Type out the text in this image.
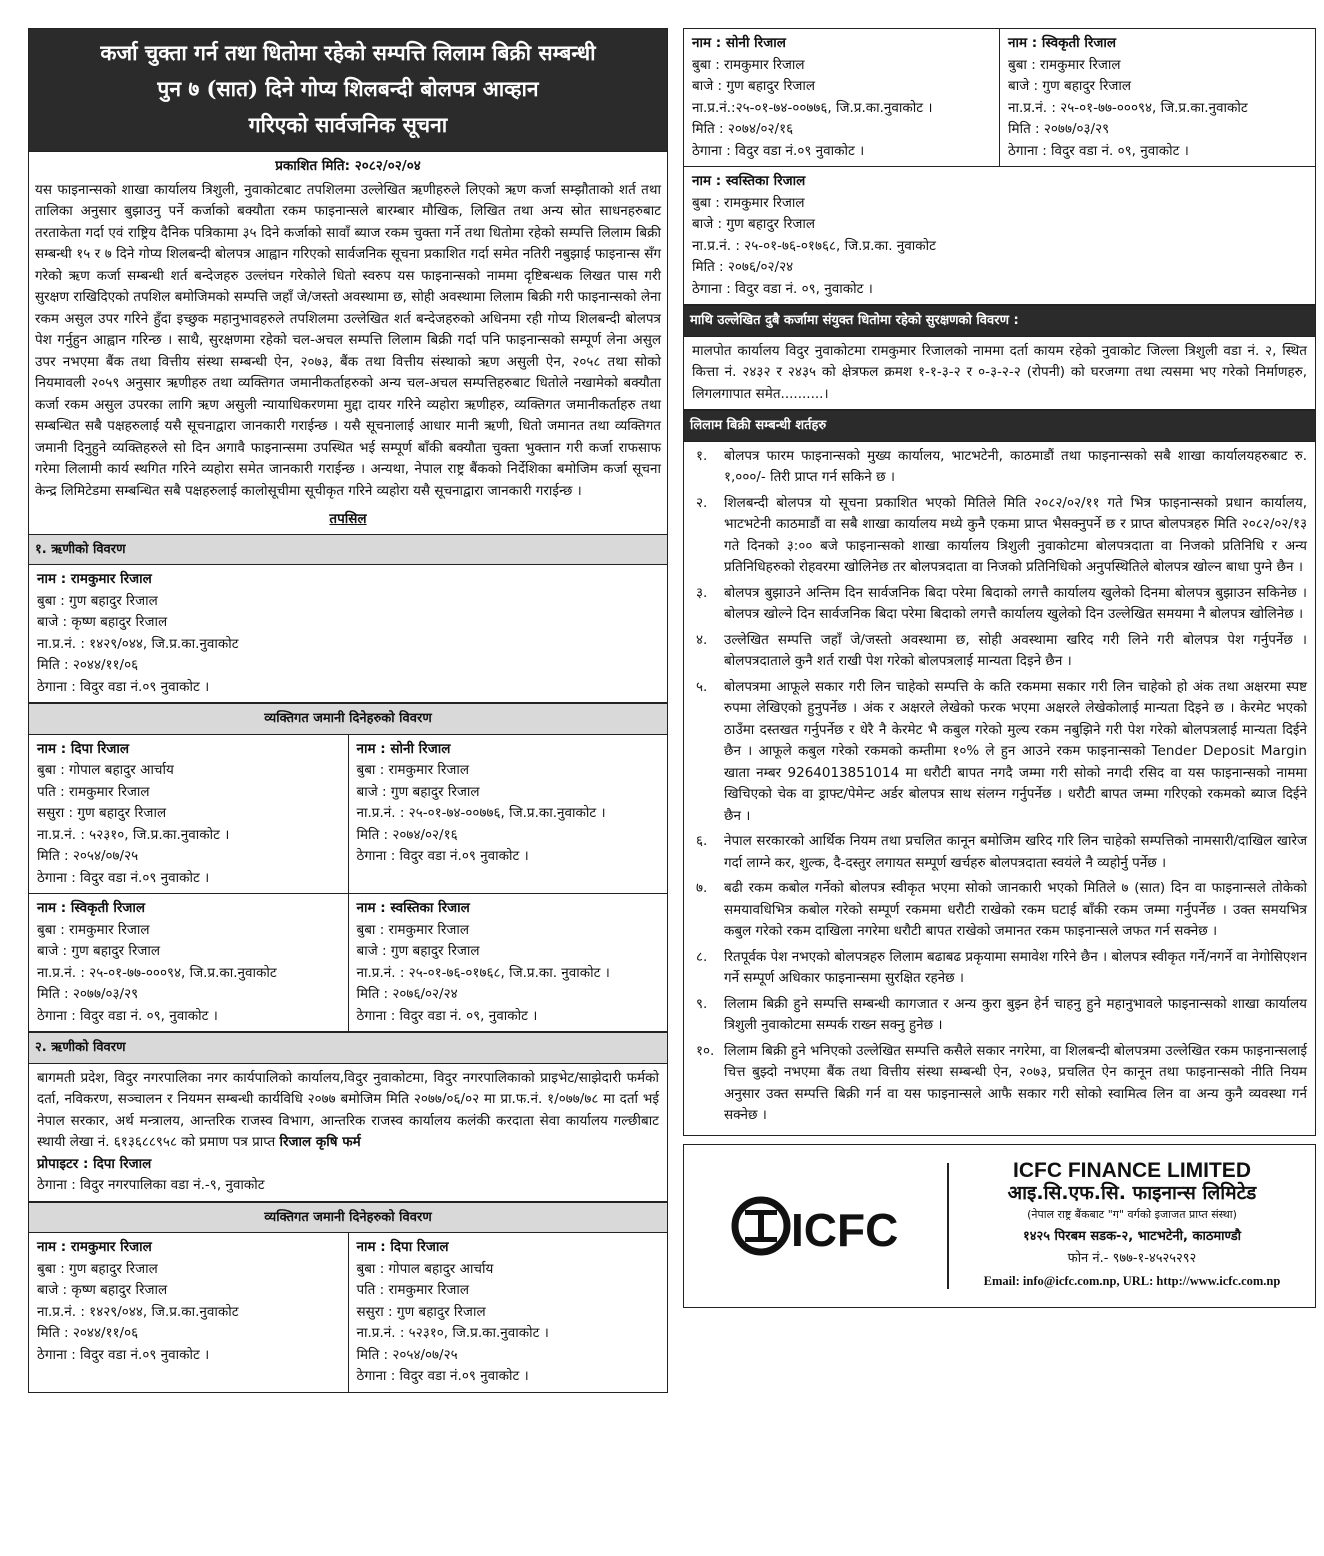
कर्जा चुक्ता गर्न तथा धितोमा रहेको सम्पत्ति लिलाम बिक्री सम्बन्धी
पुन ७ (सात) दिने गोप्य शिलबन्दी बोलपत्र आव्हान
गरिएको सार्वजनिक सूचना
प्रकाशित मिति: २०८२/०२/०४
यस फाइनान्सको शाखा कार्यालय त्रिशुली, नुवाकोटबाट तपशिलमा उल्लेखित ऋणीहरुले लिएको ऋण कर्जा सम्झौताको शर्त तथा तालिका अनुसार बुझाउनु पर्ने कर्जाको बक्यौता रकम फाइनान्सले बारम्बार मौखिक, लिखित तथा अन्य स्रोत साधनहरुबाट तरताकेता गर्दा एवं राष्ट्रिय दैनिक पत्रिकामा ३५ दिने कर्जाको सावाँ ब्याज रकम चुक्ता गर्ने तथा धितोमा रहेको सम्पत्ति लिलाम बिक्री सम्बन्धी १५ र ७ दिने गोप्य शिलबन्दी बोलपत्र आह्वान गरिएको सार्वजनिक सूचना प्रकाशित गर्दा समेत नतिरी नबुझाई फाइनान्स सँग गरेको ऋण कर्जा सम्बन्धी शर्त बन्देजहरु उल्लंघन गरेकोले धितो स्वरुप यस फाइनान्सको नाममा दृष्टिबन्धक लिखत पास गरी सुरक्षण राखिदिएको तपशिल बमोजिमको सम्पत्ति जहाँ जे/जस्तो अवस्थामा छ, सोही अवस्थामा लिलाम बिक्री गरी फाइनान्सको लेना रकम असुल उपर गरिने हुँदा इच्छुक महानुभावहरुले तपशिलमा उल्लेखित शर्त बन्देजहरुको अधिनमा रही गोप्य शिलबन्दी बोलपत्र पेश गर्नुहुन आह्वान गरिन्छ । साथै, सुरक्षणमा रहेको चल-अचल सम्पत्ति लिलाम बिक्री गर्दा पनि फाइनान्सको सम्पूर्ण लेना असुल उपर नभएमा बैंक तथा वित्तीय संस्था सम्बन्धी ऐन, २०७३, बैंक तथा वित्तीय संस्थाको ऋण असुली ऐन, २०५८ तथा सोको नियमावली २०५९ अनुसार ऋणीहरु तथा व्यक्तिगत जमानीकर्ताहरुको अन्य चल-अचल सम्पत्तिहरुबाट धितोले नखामेको बक्यौता कर्जा रकम असुल उपरका लागि ऋण असुली न्यायाधिकरणमा मुद्दा दायर गरिने व्यहोरा ऋणीहरु, व्यक्तिगत जमानीकर्ताहरु तथा सम्बन्धित सबै पक्षहरुलाई यसै सूचनाद्वारा जानकारी गराईन्छ । यसै सूचनालाई आधार मानी ऋणी, धितो जमानत तथा व्यक्तिगत जमानी दिनुहुने व्यक्तिहरुले सो दिन अगावै फाइनान्समा उपस्थित भई सम्पूर्ण बाँकी बक्यौता चुक्ता भुक्तान गरी कर्जा राफसाफ गरेमा लिलामी कार्य स्थगित गरिने व्यहोरा समेत जानकारी गराईन्छ । अन्यथा, नेपाल राष्ट्र बैंकको निर्देशिका बमोजिम कर्जा सूचना केन्द्र लिमिटेडमा सम्बन्धित सबै पक्षहरुलाई कालोसूचीमा सूचीकृत गरिने व्यहोरा यसै सूचनाद्वारा जानकारी गराईन्छ ।
तपसिल
१. ऋणीको विवरण
नाम : रामकुमार रिजाल
बुबा : गुण बहादुर रिजाल
बाजे : कृष्ण बहादुर रिजाल
ना.प्र.नं. : १४२९/०४४, जि.प्र.का.नुवाकोट
मिति : २०४४/११/०६
ठेगाना : विदुर वडा नं.०९ नुवाकोट ।
व्यक्तिगत जमानी दिनेहरुको विवरण
नाम : दिपा रिजाल
बुबा : गोपाल बहादुर आर्चाय
पति : रामकुमार रिजाल
ससुरा : गुण बहादुर रिजाल
ना.प्र.नं. : ५२३१०, जि.प्र.का.नुवाकोट ।
मिति : २०५४/०७/२५
ठेगाना : विदुर वडा नं.०९ नुवाकोट ।
नाम : सोनी रिजाल
बुबा : रामकुमार रिजाल
बाजे : गुण बहादुर रिजाल
ना.प्र.नं. : २५-०१-७४-००७७६, जि.प्र.का.नुवाकोट ।
मिति : २०७४/०२/१६
ठेगाना : विदुर वडा नं.०९ नुवाकोट ।
नाम : स्विकृती रिजाल
बुबा : रामकुमार रिजाल
बाजे : गुण बहादुर रिजाल
ना.प्र.नं. : २५-०१-७७-०००९४, जि.प्र.का.नुवाकोट
मिति : २०७७/०३/२९
ठेगाना : विदुर वडा नं. ०९, नुवाकोट ।
नाम : स्वस्तिका रिजाल
बुबा : रामकुमार रिजाल
बाजे : गुण बहादुर रिजाल
ना.प्र.नं. : २५-०१-७६-०१७६८, जि.प्र.का. नुवाकोट ।
मिति : २०७६/०२/२४
ठेगाना : विदुर वडा नं. ०९, नुवाकोट ।
२. ऋणीको विवरण
बागमती प्रदेश, विदुर नगरपालिका नगर कार्यपालिको कार्यालय,विदुर नुवाकोटमा, विदुर नगरपालिकाको प्राइभेट/साझेदारी फर्मको दर्ता, नविकरण, सञ्चालन र नियमन सम्बन्धी कार्यविधि २०७७ बमोजिम मिति २०७७/०६/०२ मा प्रा.फ.नं. १/०७७/७८ मा दर्ता भई नेपाल सरकार, अर्थ मन्त्रालय, आन्तरिक राजस्व विभाग, आन्तरिक राजस्व कार्यालय कलंकी करदाता सेवा कार्यालय गल्छीबाट स्थायी लेखा नं. ६१३६८८९५८ को प्रमाण पत्र प्राप्त रिजाल कृषि फर्म
प्रोपाइटर : दिपा रिजाल
ठेगाना : विदुर नगरपालिका वडा नं.-९, नुवाकोट
व्यक्तिगत जमानी दिनेहरुको विवरण
नाम : रामकुमार रिजाल
बुबा : गुण बहादुर रिजाल
बाजे : कृष्ण बहादुर रिजाल
ना.प्र.नं. : १४२९/०४४, जि.प्र.का.नुवाकोट
मिति : २०४४/११/०६
ठेगाना : विदुर वडा नं.०९ नुवाकोट ।
नाम : दिपा रिजाल
बुबा : गोपाल बहादुर आर्चाय
पति : रामकुमार रिजाल
ससुरा : गुण बहादुर रिजाल
ना.प्र.नं. : ५२३१०, जि.प्र.का.नुवाकोट ।
मिति : २०५४/०७/२५
ठेगाना : विदुर वडा नं.०९ नुवाकोट ।
नाम : सोनी रिजाल
बुबा : रामकुमार रिजाल
बाजे : गुण बहादुर रिजाल
ना.प्र.नं.:२५-०१-७४-००७७६, जि.प्र.का.नुवाकोट ।
मिति : २०७४/०२/१६
ठेगाना : विदुर वडा नं.०९ नुवाकोट ।
नाम : स्विकृती रिजाल
बुबा : रामकुमार रिजाल
बाजे : गुण बहादुर रिजाल
ना.प्र.नं. : २५-०१-७७-०००९४, जि.प्र.का.नुवाकोट
मिति : २०७७/०३/२९
ठेगाना : विदुर वडा नं. ०९, नुवाकोट ।
नाम : स्वस्तिका रिजाल
बुबा : रामकुमार रिजाल
बाजे : गुण बहादुर रिजाल
ना.प्र.नं. : २५-०१-७६-०१७६८, जि.प्र.का. नुवाकोट
मिति : २०७६/०२/२४
ठेगाना : विदुर वडा नं. ०९, नुवाकोट ।
माथि उल्लेखित दुबै कर्जामा संयुक्त धितोमा रहेको सुरक्षणको विवरण :
मालपोत कार्यालय विदुर नुवाकोटमा रामकुमार रिजालको नाममा दर्ता कायम रहेको नुवाकोट जिल्ला त्रिशुली वडा नं. २, स्थित कित्ता नं. २४३२ र २४३५ को क्षेत्रफल क्रमश १-१-३-२ र ०-३-२-२ (रोपनी) को घरजग्गा तथा त्यसमा भए गरेको निर्माणहरु, लिगलगापात समेत..........।
लिलाम बिक्री सम्बन्धी शर्तहरु
१.	बोलपत्र फारम फाइनान्सको मुख्य कार्यालय, भाटभटेनी, काठमाडौं तथा फाइनान्सको सबै शाखा कार्यालयहरुबाट रु. १,०००/- तिरी प्राप्त गर्न सकिने छ ।
२.	शिलबन्दी बोलपत्र यो सूचना प्रकाशित भएको मितिले मिति २०८२/०२/११ गते भित्र फाइनान्सको प्रधान कार्यालय, भाटभटेनी काठमाडौं वा सबै शाखा कार्यालय मध्ये कुनै एकमा प्राप्त भैसक्नुपर्ने छ र प्राप्त बोलपत्रहरु मिति २०८२/०२/१३ गते दिनको ३:०० बजे फाइनान्सको शाखा कार्यालय त्रिशुली नुवाकोटमा बोलपत्रदाता वा निजको प्रतिनिधि र अन्य प्रतिनिधिहरुको रोहवरमा खोलिनेछ तर बोलपत्रदाता वा निजको प्रतिनिधिको अनुपस्थितिले बोलपत्र खोल्न बाधा पुग्ने छैन ।
३.	बोलपत्र बुझाउने अन्तिम दिन सार्वजनिक बिदा परेमा बिदाको लगत्तै कार्यालय खुलेको दिनमा बोलपत्र बुझाउन सकिनेछ । बोलपत्र खोल्ने दिन सार्वजनिक बिदा परेमा बिदाको लगत्तै कार्यालय खुलेको दिन उल्लेखित समयमा नै बोलपत्र खोलिनेछ ।
४.	उल्लेखित सम्पत्ति जहाँ जे/जस्तो अवस्थामा छ, सोही अवस्थामा खरिद गरी लिने गरी बोलपत्र पेश गर्नुपर्नेछ । बोलपत्रदाताले कुनै शर्त राखी पेश गरेको बोलपत्रलाई मान्यता दिइने छैन ।
५.	बोलपत्रमा आफूले सकार गरी लिन चाहेको सम्पत्ति के कति रकममा सकार गरी लिन चाहेको हो अंक तथा अक्षरमा स्पष्ट रुपमा लेखिएको हुनुपर्नेछ । अंक र अक्षरले लेखेको फरक भएमा अक्षरले लेखेकोलाई मान्यता दिइने छ । केरमेट भएको ठाउँमा दस्तखत गर्नुपर्नेछ र धेरै नै केरमेट भै कबुल गरेको मुल्य रकम नबुझिने गरी पेश गरेको बोलपत्रलाई मान्यता दिईने छैन । आफूले कबुल गरेको रकमको कम्तीमा १०% ले हुन आउने रकम फाइनान्सको Tender Deposit Margin खाता नम्बर 9264013851014 मा धरौटी बापत नगदै जम्मा गरी सोको नगदी रसिद वा यस फाइनान्सको नाममा खिचिएको चेक वा ड्राफ्ट/पेमेन्ट अर्डर बोलपत्र साथ संलग्न गर्नुपर्नेछ । धरौटी बापत जम्मा गरिएको रकमको ब्याज दिईने छैन ।
६.	नेपाल सरकारको आर्थिक नियम तथा प्रचलित कानून बमोजिम खरिद गरि लिन चाहेको सम्पत्तिको नामसारी/दाखिल खारेज गर्दा लाग्ने कर, शुल्क, दै-दस्तुर लगायत सम्पूर्ण खर्चहरु बोलपत्रदाता स्वयंले नै व्यहोर्नु पर्नेछ ।
७.	बढी रकम कबोल गर्नेको बोलपत्र स्वीकृत भएमा सोको जानकारी भएको मितिले ७ (सात) दिन वा फाइनान्सले तोकेको समयावधिभित्र कबोल गरेको सम्पूर्ण रकममा धरौटी राखेको रकम घटाई बाँकी रकम जम्मा गर्नुपर्नेछ । उक्त समयभित्र कबुल गरेको रकम दाखिला नगरेमा धरौटी बापत राखेको जमानत रकम फाइनान्सले जफत गर्न सक्नेछ ।
८.	रितपूर्वक पेश नभएको बोलपत्रहरु लिलाम बढाबढ प्रकृयामा समावेश गरिने छैन । बोलपत्र स्वीकृत गर्ने/नगर्ने वा नेगोसिएशन गर्ने सम्पूर्ण अधिकार फाइनान्समा सुरक्षित रहनेछ ।
९.	लिलाम बिक्री हुने सम्पत्ति सम्बन्धी कागजात र अन्य कुरा बुझ्न हेर्न चाहनु हुने महानुभावले फाइनान्सको शाखा कार्यालय त्रिशुली नुवाकोटमा सम्पर्क राख्न सक्नु हुनेछ ।
१०. लिलाम बिक्री हुने भनिएको उल्लेखित सम्पत्ति कसैले सकार नगरेमा, वा शिलबन्दी बोलपत्रमा उल्लेखित रकम फाइनान्सलाई चित्त बुझ्दो नभएमा बैंक तथा वित्तीय संस्था सम्बन्धी ऐन, २०७३, प्रचलित ऐन कानून तथा फाइनान्सको नीति नियम अनुसार उक्त सम्पत्ति बिक्री गर्न वा यस फाइनान्सले आफै सकार गरी सोको स्वामित्व लिन वा अन्य कुनै व्यवस्था गर्न सक्नेछ ।
ICFC
ICFC FINANCE LIMITED
आइ.सि.एफ.सि. फाइनान्स लिमिटेड
(नेपाल राष्ट्र बैंकबाट "ग" वर्गको इजाजत प्राप्त संस्था)
१४२५ पिरबम सडक-२, भाटभटेनी, काठमाण्डौ
फोन नं.- ९७७-१-४५२५२९२
Email: info@icfc.com.np, URL: http://www.icfc.com.np
